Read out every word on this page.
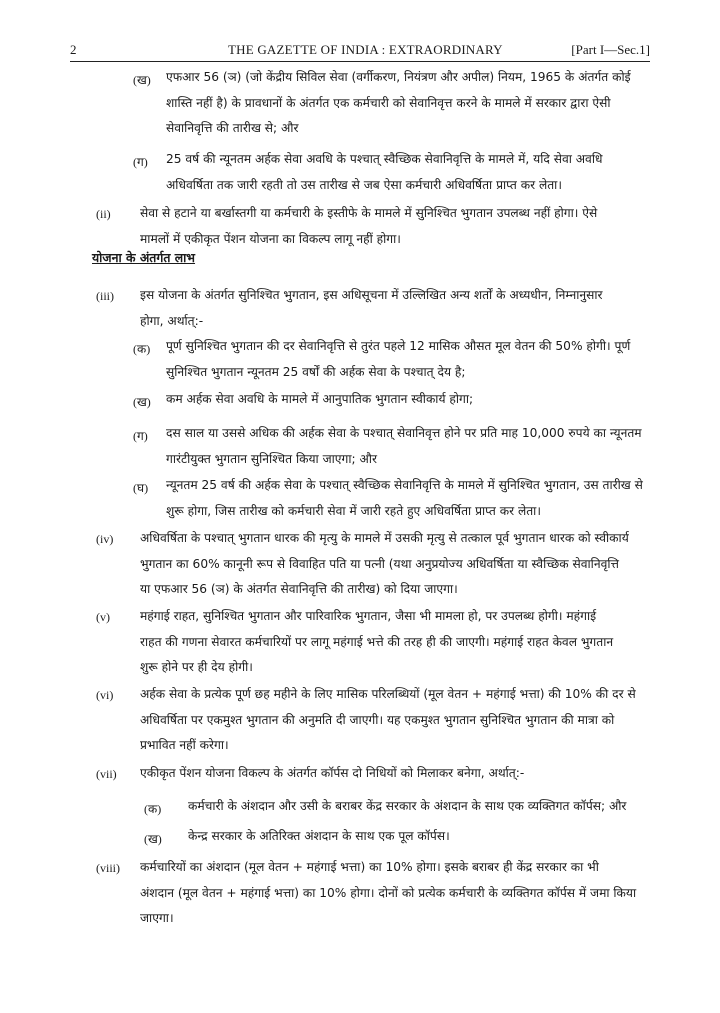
2	THE GAZETTE OF INDIA : EXTRAORDINARY	[Part I—Sec.1]
(ख) एफआर 56 (ञ) (जो केंद्रीय सिविल सेवा (वर्गीकरण, नियंत्रण और अपील) नियम, 1965 के अंतर्गत कोई
शास्ति नहीं है) के प्रावधानों के अंतर्गत एक कर्मचारी को सेवानिवृत्त करने के मामले में सरकार द्वारा ऐसी
सेवानिवृत्ति की तारीख से; और
(ग) 25 वर्ष की न्यूनतम अर्हक सेवा अवधि के पश्चात् स्वैच्छिक सेवानिवृत्ति के मामले में, यदि सेवा अवधि
अधिवर्षिता तक जारी रहती तो उस तारीख से जब ऐसा कर्मचारी अधिवर्षिता प्राप्त कर लेता।
(ii) सेवा से हटाने या बर्खास्तगी या कर्मचारी के इस्तीफे के मामले में सुनिश्चित भुगतान उपलब्ध नहीं होगा। ऐसे
मामलों में एकीकृत पेंशन योजना का विकल्प लागू नहीं होगा।
योजना के अंतर्गत लाभ
(iii) इस योजना के अंतर्गत सुनिश्चित भुगतान, इस अधिसूचना में उल्लिखित अन्य शर्तों के अध्यधीन, निम्नानुसार
होगा, अर्थात्:-
(क) पूर्ण सुनिश्चित भुगतान की दर सेवानिवृत्ति से तुरंत पहले 12 मासिक औसत मूल वेतन की 50% होगी। पूर्ण
सुनिश्चित भुगतान न्यूनतम 25 वर्षों की अर्हक सेवा के पश्चात् देय है;
(ख) कम अर्हक सेवा अवधि के मामले में आनुपातिक भुगतान स्वीकार्य होगा;
(ग) दस साल या उससे अधिक की अर्हक सेवा के पश्चात् सेवानिवृत्त होने पर प्रति माह 10,000 रुपये का न्यूनतम
गारंटीयुक्त भुगतान सुनिश्चित किया जाएगा; और
(घ) न्यूनतम 25 वर्ष की अर्हक सेवा के पश्चात् स्वैच्छिक सेवानिवृत्ति के मामले में सुनिश्चित भुगतान, उस तारीख से
शुरू होगा, जिस तारीख को कर्मचारी सेवा में जारी रहते हुए अधिवर्षिता प्राप्त कर लेता।
(iv) अधिवर्षिता के पश्चात् भुगतान धारक की मृत्यु के मामले में उसकी मृत्यु से तत्काल पूर्व भुगतान धारक को स्वीकार्य
भुगतान का 60% कानूनी रूप से विवाहित पति या पत्नी (यथा अनुप्रयोज्य अधिवर्षिता या स्वैच्छिक सेवानिवृत्ति
या एफआर 56 (ञ) के अंतर्गत सेवानिवृत्ति की तारीख) को दिया जाएगा।
(v) महंगाई राहत, सुनिश्चित भुगतान और पारिवारिक भुगतान, जैसा भी मामला हो, पर उपलब्ध होगी। महंगाई
राहत की गणना सेवारत कर्मचारियों पर लागू महंगाई भत्ते की तरह ही की जाएगी। महंगाई राहत केवल भुगतान
शुरू होने पर ही देय होगी।
(vi) अर्हक सेवा के प्रत्येक पूर्ण छह महीने के लिए मासिक परिलब्धियों (मूल वेतन + महंगाई भत्ता) की 10% की दर से
अधिवर्षिता पर एकमुश्त भुगतान की अनुमति दी जाएगी। यह एकमुश्त भुगतान सुनिश्चित भुगतान की मात्रा को
प्रभावित नहीं करेगा।
(vii) एकीकृत पेंशन योजना विकल्प के अंतर्गत कॉर्पस दो निधियों को मिलाकर बनेगा, अर्थात्:-
(क) कर्मचारी के अंशदान और उसी के बराबर केंद्र सरकार के अंशदान के साथ एक व्यक्तिगत कॉर्पस; और
(ख) केन्द्र सरकार के अतिरिक्त अंशदान के साथ एक पूल कॉर्पस।
(viii) कर्मचारियों का अंशदान (मूल वेतन + महंगाई भत्ता) का 10% होगा। इसके बराबर ही केंद्र सरकार का भी
अंशदान (मूल वेतन + महंगाई भत्ता) का 10% होगा। दोनों को प्रत्येक कर्मचारी के व्यक्तिगत कॉर्पस में जमा किया
जाएगा।
